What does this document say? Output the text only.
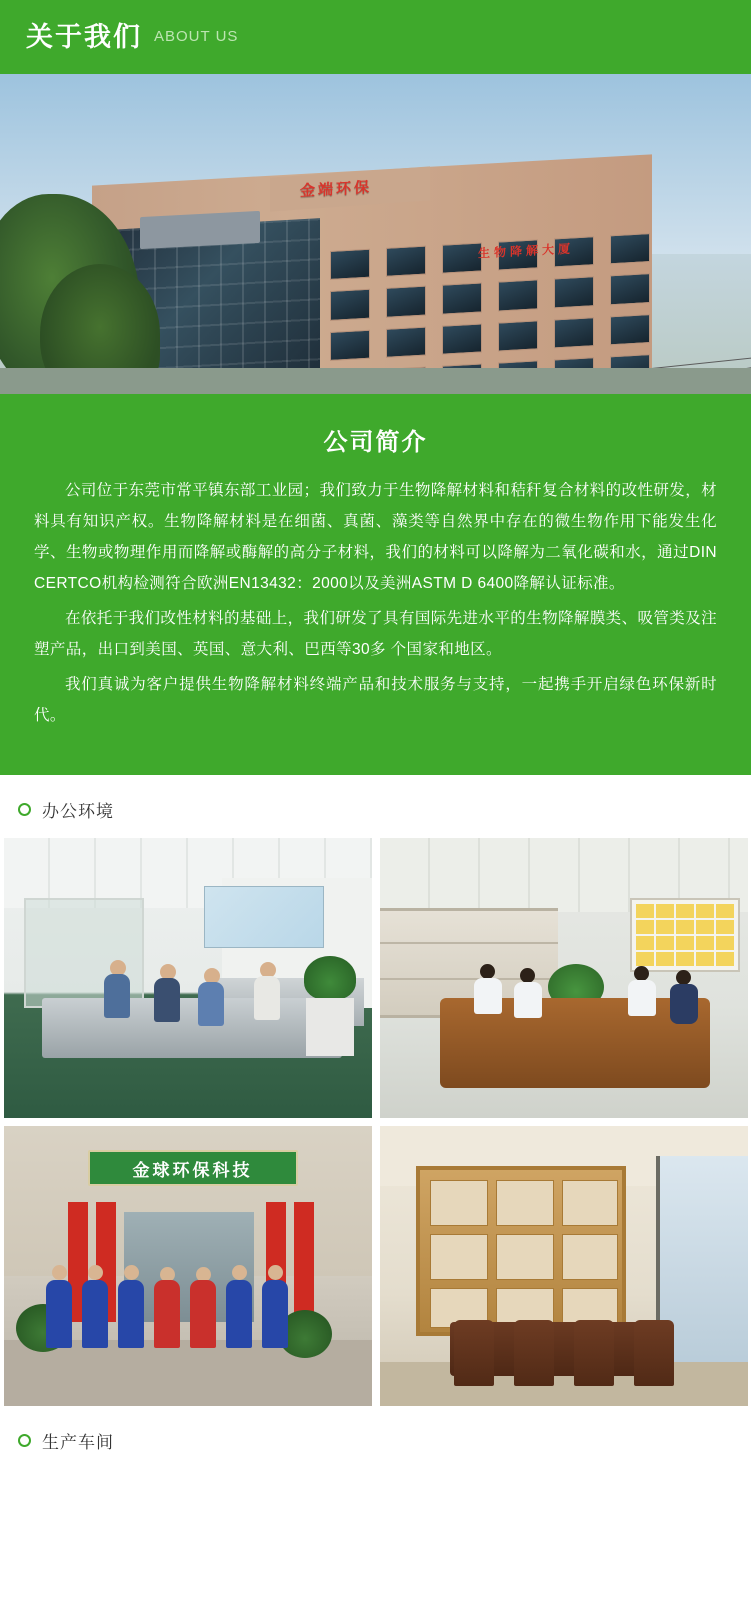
关于我们 ABOUT US
金端环保
生物降解大厦
公司简介

公司位于东莞市常平镇东部工业园；我们致力于生物降解材料和秸秆复合材料的改性研发，材料具有知识产权。生物降解材料是在细菌、真菌、藻类等自然界中存在的微生物作用下能发生化学、生物或物理作用而降解或酶解的高分子材料，我们的材料可以降解为二氧化碳和水，通过DIN CERTCO机构检测符合欧洲EN13432：2000以及美洲ASTM D 6400降解认证标准。

在依托于我们改性材料的基础上，我们研发了具有国际先进水平的生物降解膜类、吸管类及注塑产品，出口到美国、英国、意大利、巴西等30多 个国家和地区。

我们真诚为客户提供生物降解材料终端产品和技术服务与支持，一起携手开启绿色环保新时代。

办公环境
金球环保科技
生产车间
